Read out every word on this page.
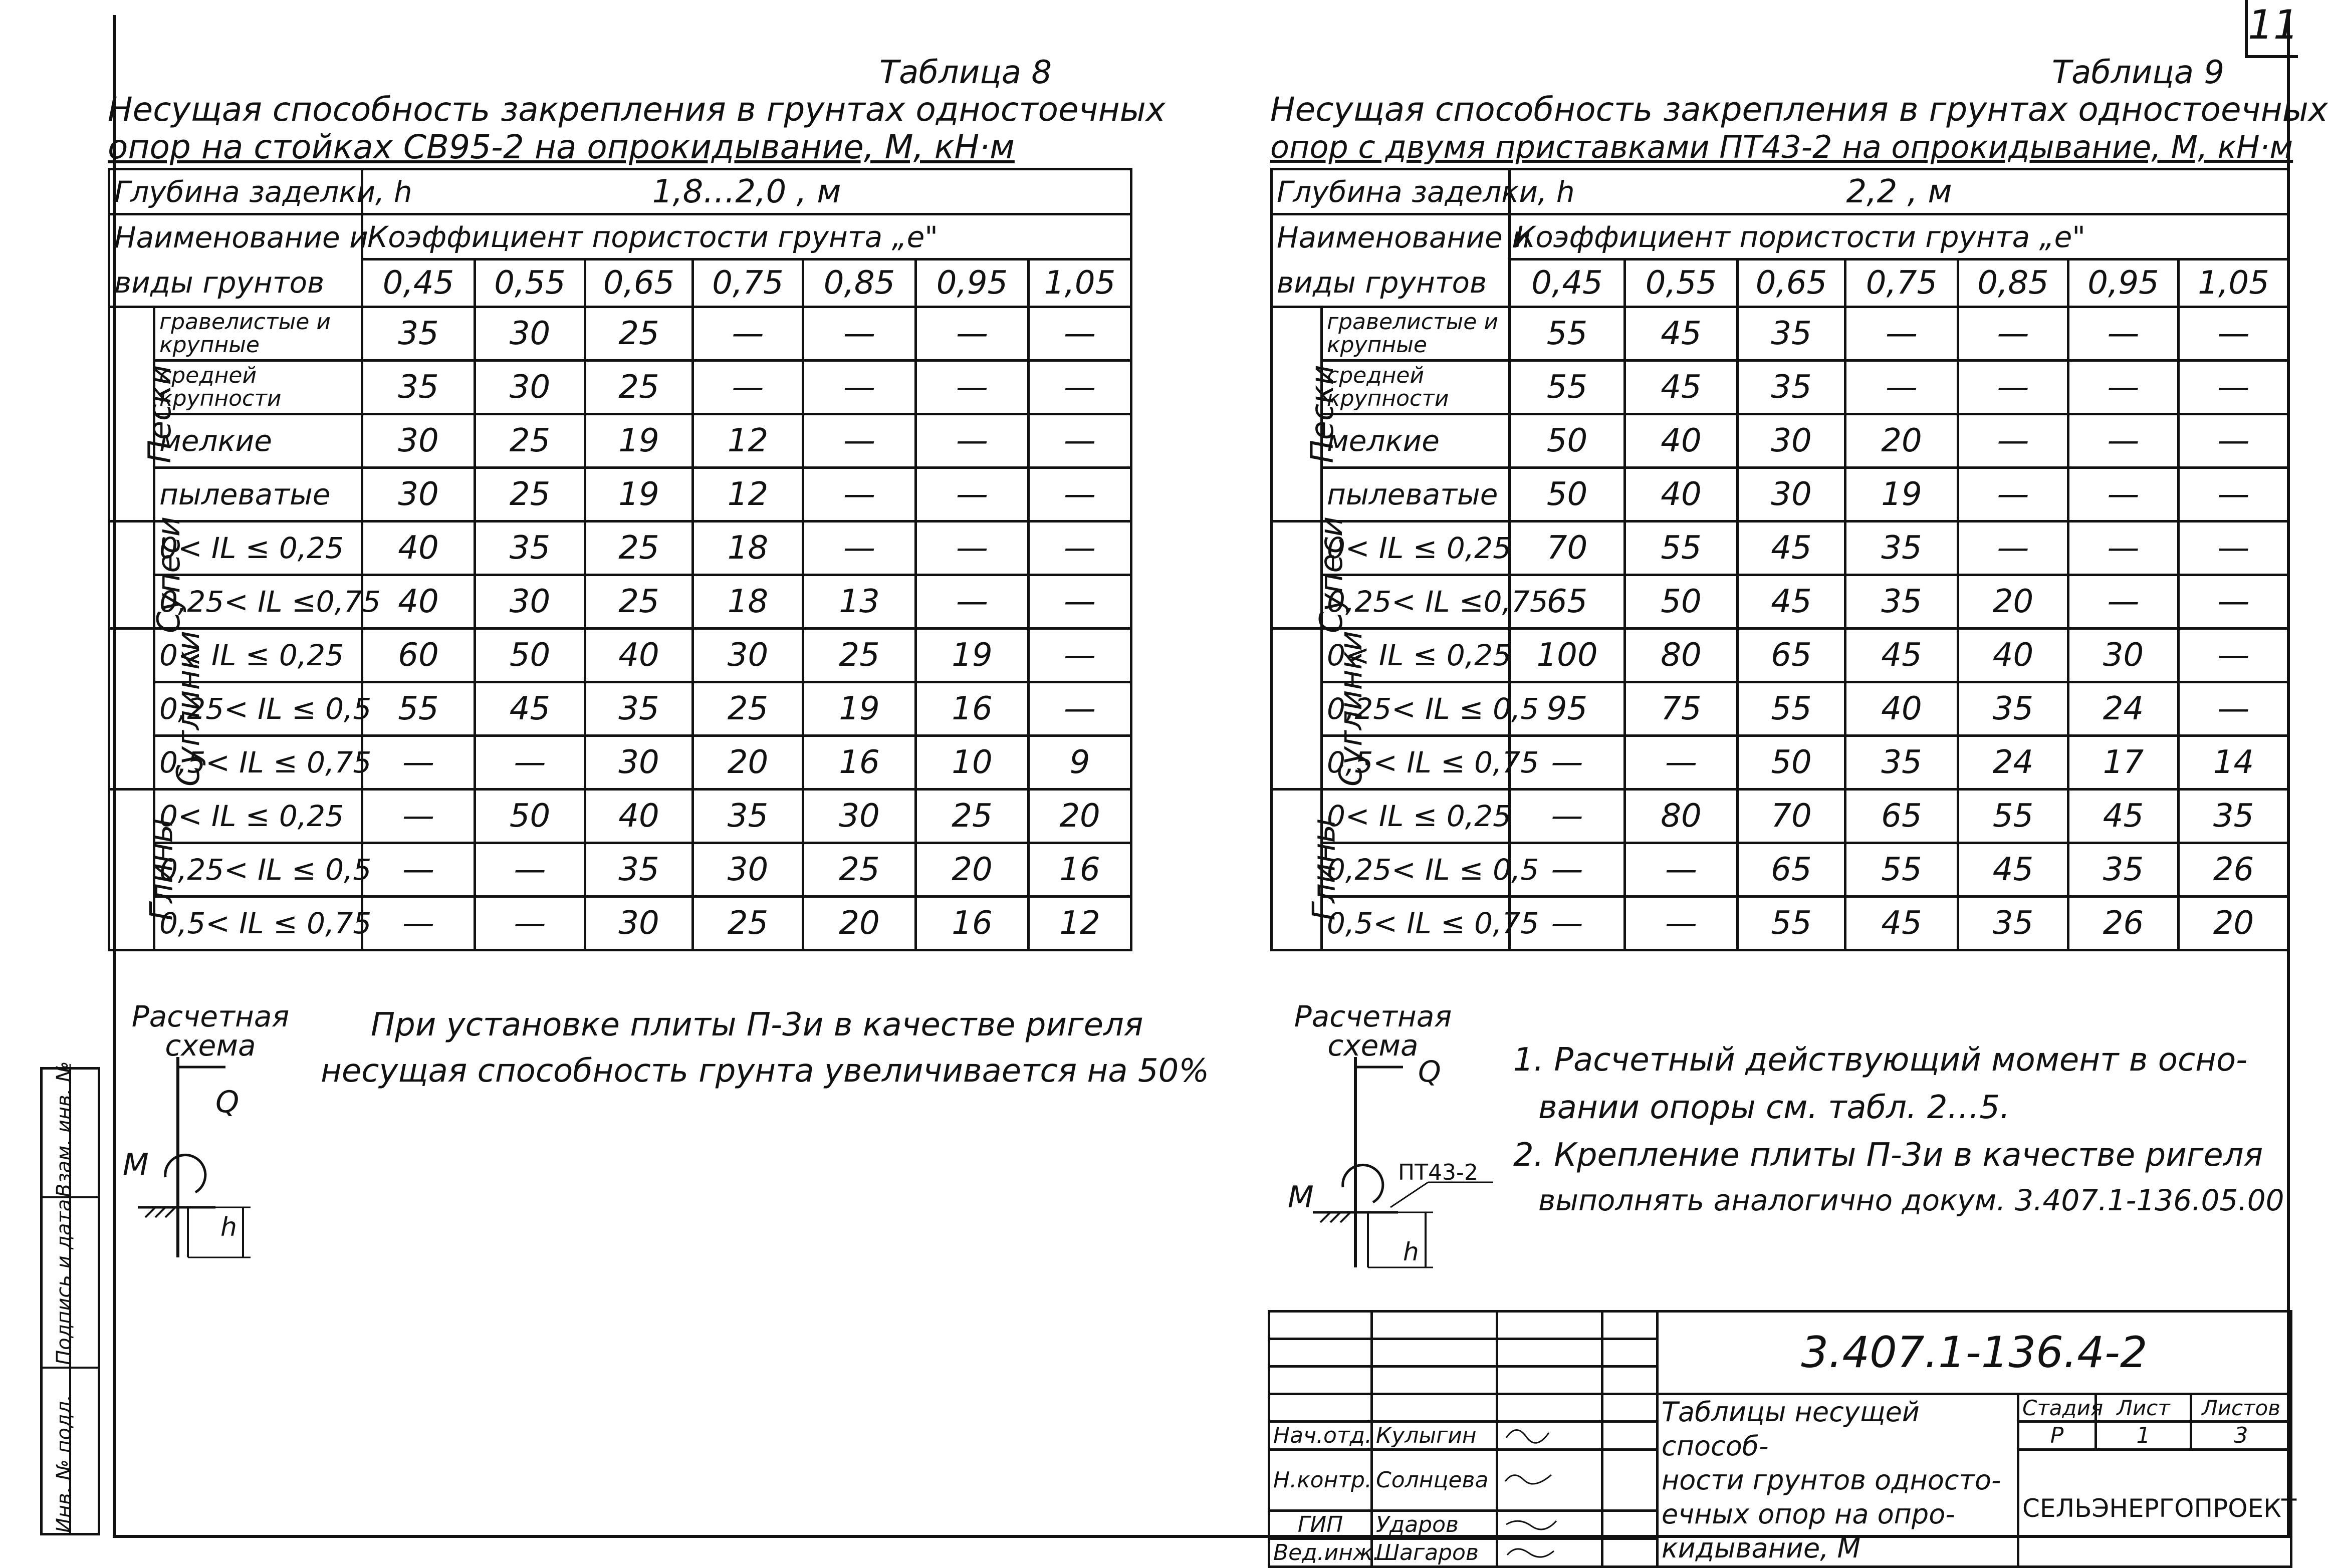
11
Таблица 8
Несущая способность закрепления в грунтах одностоечных
опор на стойках СВ95-2 на опрокидывание, М, кН·м
Глубина заделки, h		1,8…2,0 , м						
Наименование и		Коэффициент пористости грунта „e"						
виды грунтов		0,45	0,55	0,65	0,75	0,85	0,95	1,05
Пески	гравелистые и крупные	35	30	25	—	—	—	—
	средней крупности	35	30	25	—	—	—	—
	мелкие	30	25	19	12	—	—	—
	пылеватые	30	25	19	12	—	—	—
Супеси	0< IL ≤ 0,25	40	35	25	18	—	—	—
	0,25< IL ≤0,75	40	30	25	18	13	—	—
Суглинки	0< IL ≤ 0,25	60	50	40	30	25	19	—
	0,25< IL ≤ 0,5	55	45	35	25	19	16	—
	0,5< IL ≤ 0,75	—	—	30	20	16	10	9
Глины	0< IL ≤ 0,25	—	50	40	35	30	25	20
	0,25< IL ≤ 0,5	—	—	35	30	25	20	16
	0,5< IL ≤ 0,75	—	—	30	25	20	16	12
Таблица 9
Несущая способность закрепления в грунтах одностоечных
опор с двумя приставками ПТ43-2 на опрокидывание, М, кН·м
Глубина заделки, h		2,2 , м						
Наименование и		Коэффициент пористости грунта „e"						
виды грунтов		0,45	0,55	0,65	0,75	0,85	0,95	1,05
Пески	гравелистые и крупные	55	45	35	—	—	—	—
	средней крупности	55	45	35	—	—	—	—
	мелкие	50	40	30	20	—	—	—
	пылеватые	50	40	30	19	—	—	—
Супеси	0< IL ≤ 0,25	70	55	45	35	—	—	—
	0,25< IL ≤0,75	65	50	45	35	20	—	—
Суглинки	0< IL ≤ 0,25	100	80	65	45	40	30	—
	0,25< IL ≤ 0,5	95	75	55	40	35	24	—
	0,5< IL ≤ 0,75	—	—	50	35	24	17	14
Глины	0< IL ≤ 0,25	—	80	70	65	55	45	35
	0,25< IL ≤ 0,5	—	—	65	55	45	35	26
	0,5< IL ≤ 0,75	—	—	55	45	35	26	20
Расчетная схема
Q
M
h
При установке плиты П-3и в качестве ригеля
несущая способность грунта увеличивается на 50%
Расчетная схема
Q
M
h
ПТ43-2
1. Расчетный действующий момент в осно-
вании опоры см. табл. 2…5.
2. Крепление плиты П-3и в качестве ригеля
выполнять аналогично докум. 3.407.1-136.05.00
Инв. № подл.
Подпись и дата
Взам. инв. №
				3.407.1-136.4-2			

				Таблицы несущей способ-
ности грунтов односто-
ечных опор на опро-
кидывание, М	Стадия	Лист	Листов
Нач.отд.	Кулыгин				Р	1	3
Н.контр.	Солнцева				СЕЛЬЭНЕРГОПРОЕКТ		
ГИП	Ударов		
Вед.инж.	Шагаров		
